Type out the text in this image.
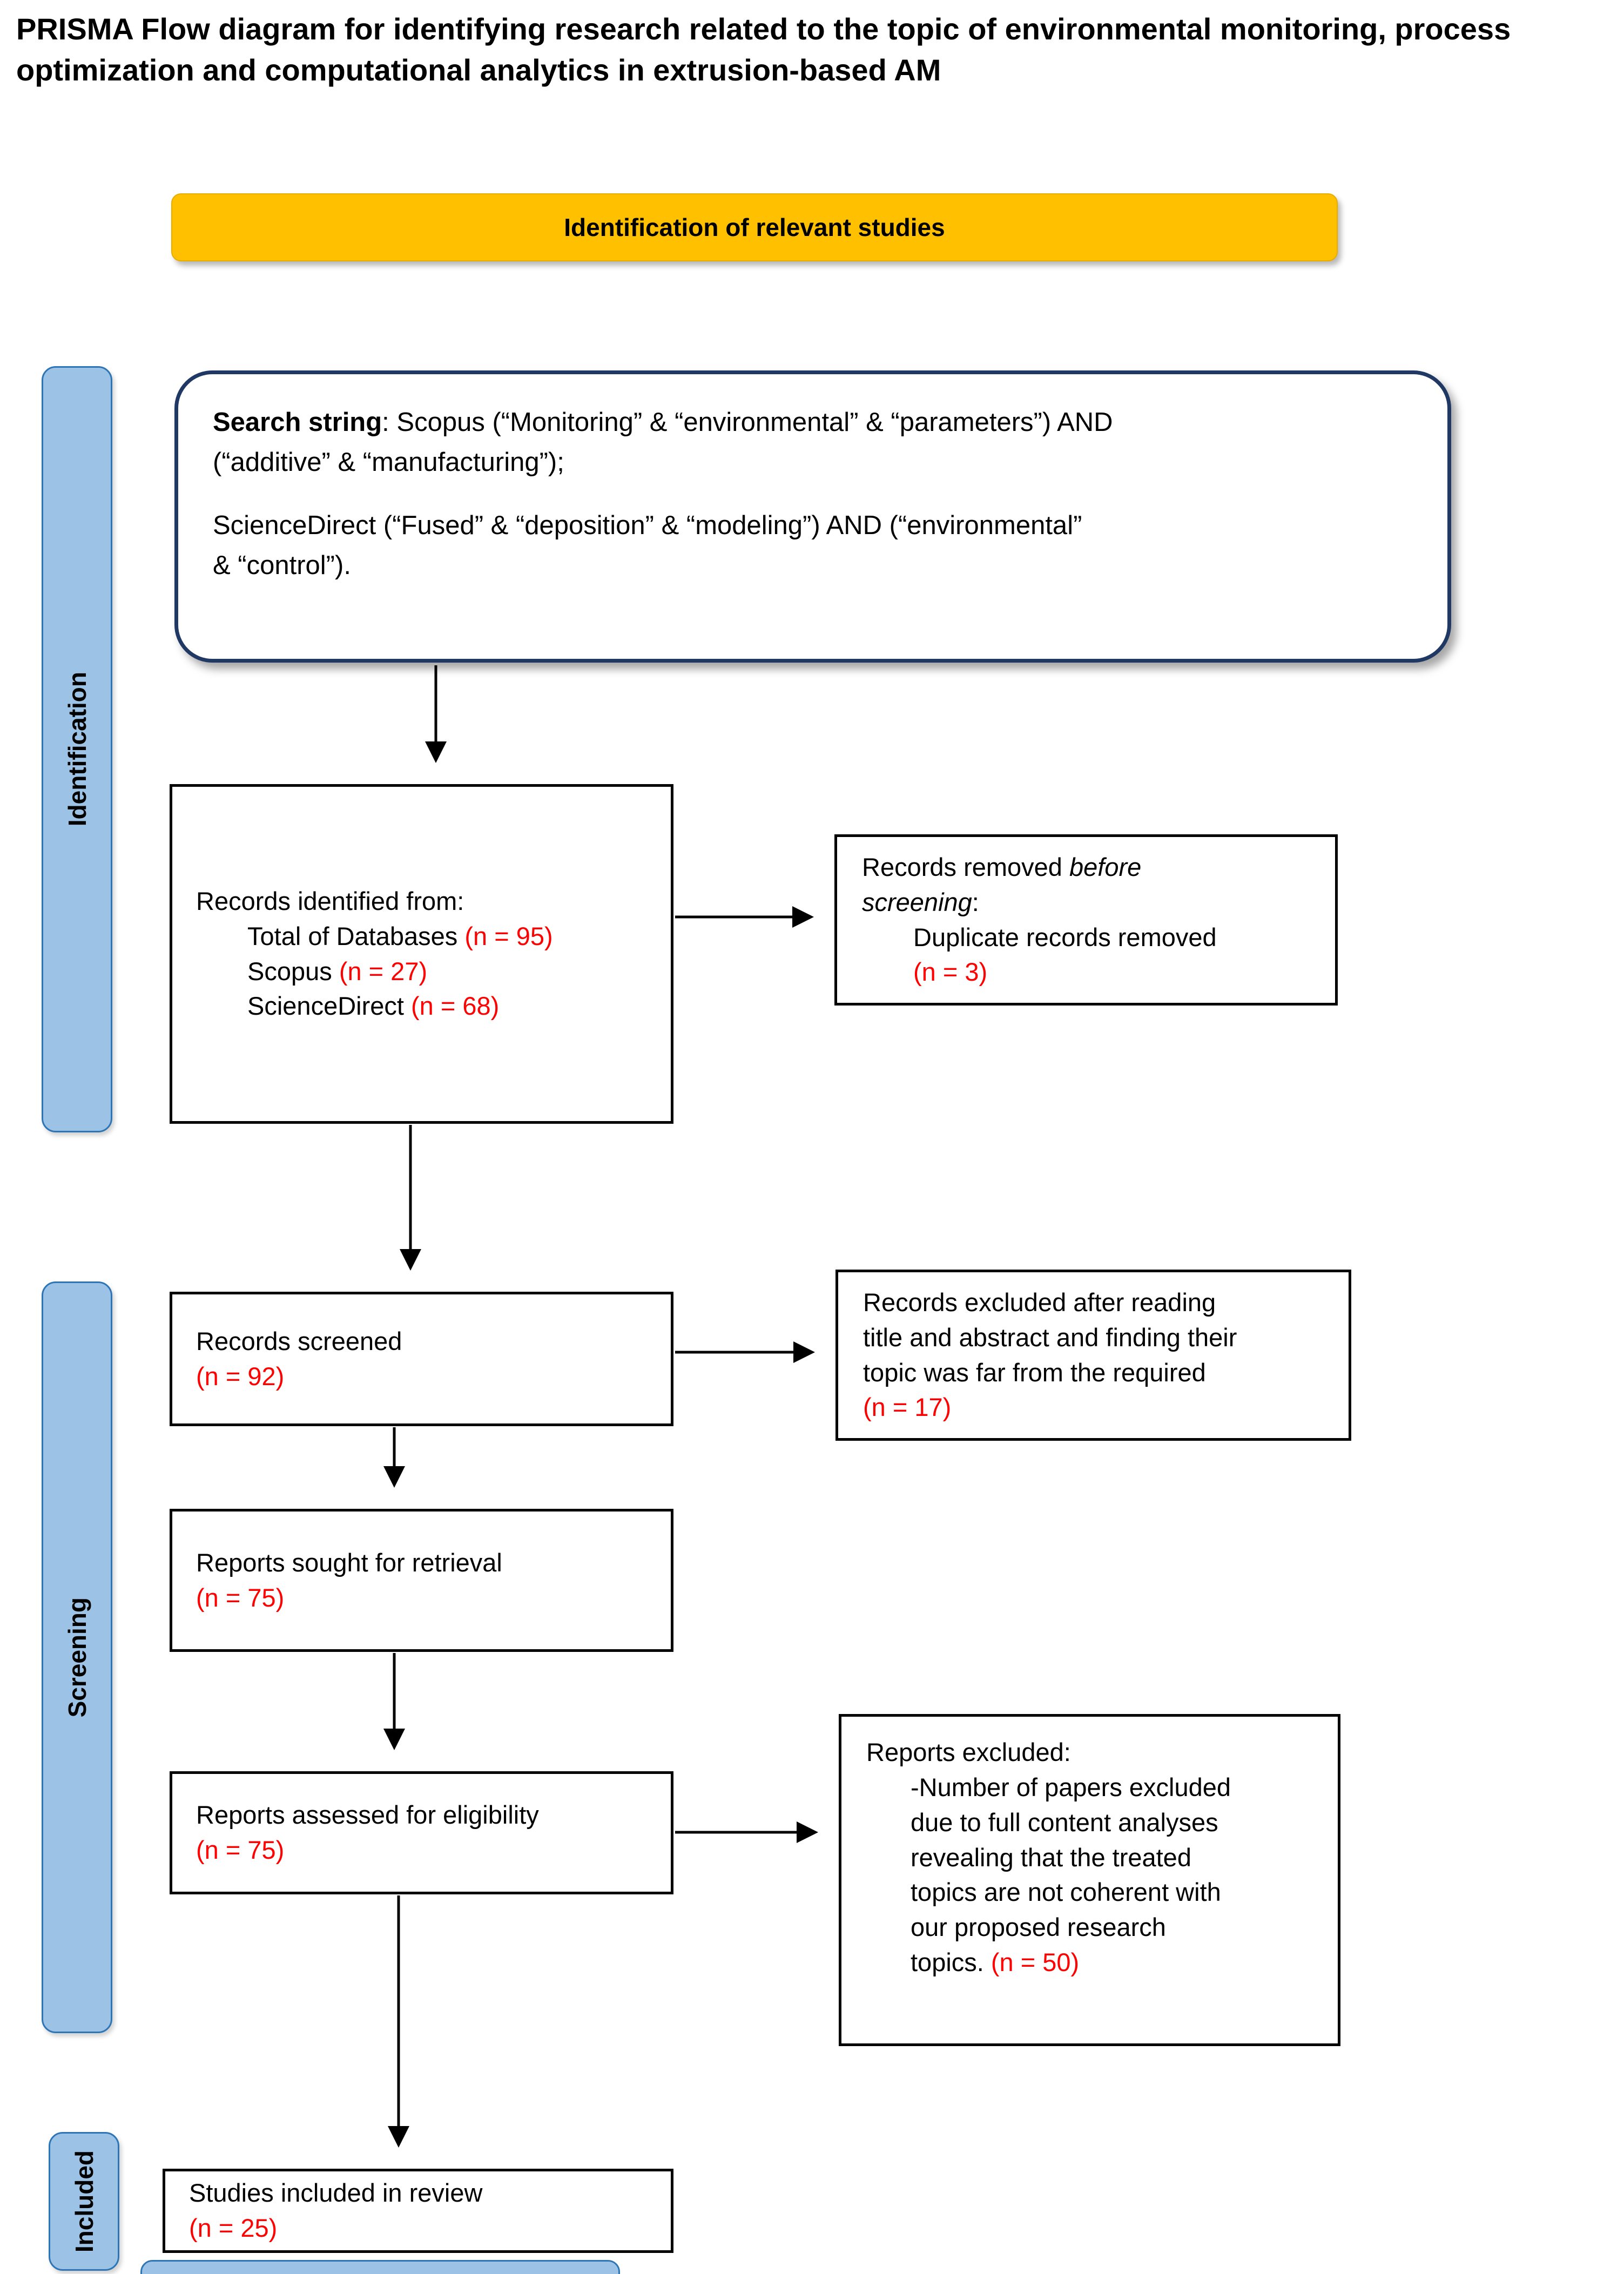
PRISMA Flow diagram for identifying research related to the topic of environmental monitoring, process
optimization and computational analytics in extrusion-based AM
Identification of relevant studies
Search string: Scopus (“Monitoring” & “environmental” & “parameters”) AND
(“additive” & “manufacturing”);
ScienceDirect (“Fused” & “deposition” & “modeling”) AND (“environmental”
& “control”).
Identification
Screening
Included
Records identified from:
Total of Databases (n = 95)
Scopus (n = 27)
ScienceDirect (n = 68)
Records removed before
screening:
Duplicate records removed
(n = 3)
Records screened
(n = 92)
Records excluded after reading
title and abstract and finding their
topic was far from the required
(n = 17)
Reports sought for retrieval
(n = 75)
Reports assessed for eligibility
(n = 75)
Reports excluded:
-Number of papers excluded
due to full content analyses
revealing that the treated
topics are not coherent with
our proposed research
topics. (n = 50)
Studies included in review
(n = 25)
